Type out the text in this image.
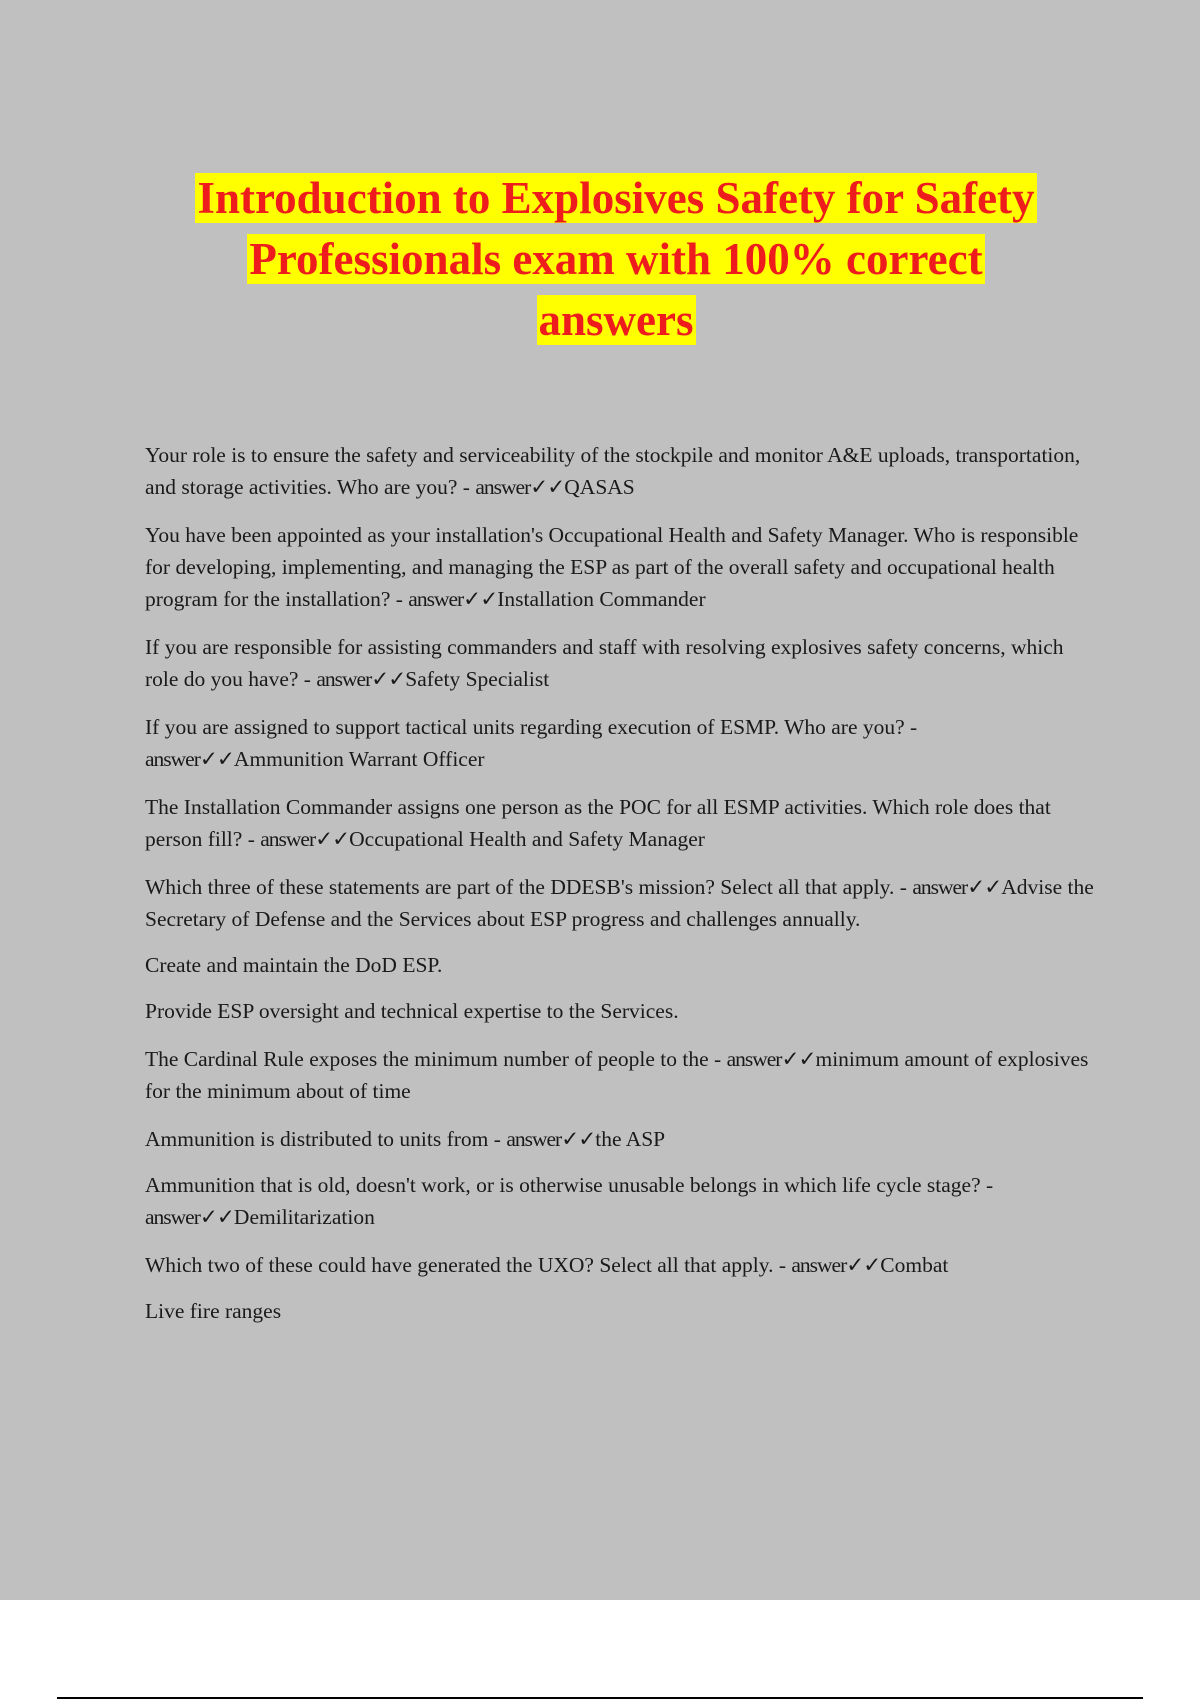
Introduction to Explosives Safety for Safety
Professionals exam with 100% correct
answers

Your role is to ensure the safety and serviceability of the stockpile and monitor A&E uploads, transportation, and storage activities. Who are you? - answer✓✓QASAS

You have been appointed as your installation's Occupational Health and Safety Manager. Who is responsible for developing, implementing, and managing the ESP as part of the overall safety and occupational health program for the installation? - answer✓✓Installation Commander

If you are responsible for assisting commanders and staff with resolving explosives safety concerns, which role do you have? - answer✓✓Safety Specialist

If you are assigned to support tactical units regarding execution of ESMP. Who are you? - answer✓✓Ammunition Warrant Officer

The Installation Commander assigns one person as the POC for all ESMP activities. Which role does that person fill? - answer✓✓Occupational Health and Safety Manager

Which three of these statements are part of the DDESB's mission? Select all that apply. - answer✓✓Advise the Secretary of Defense and the Services about ESP progress and challenges annually.

Create and maintain the DoD ESP.

Provide ESP oversight and technical expertise to the Services.

The Cardinal Rule exposes the minimum number of people to the - answer✓✓minimum amount of explosives for the minimum about of time

Ammunition is distributed to units from - answer✓✓the ASP

Ammunition that is old, doesn't work, or is otherwise unusable belongs in which life cycle stage? - answer✓✓Demilitarization

Which two of these could have generated the UXO? Select all that apply. - answer✓✓Combat

Live fire ranges
